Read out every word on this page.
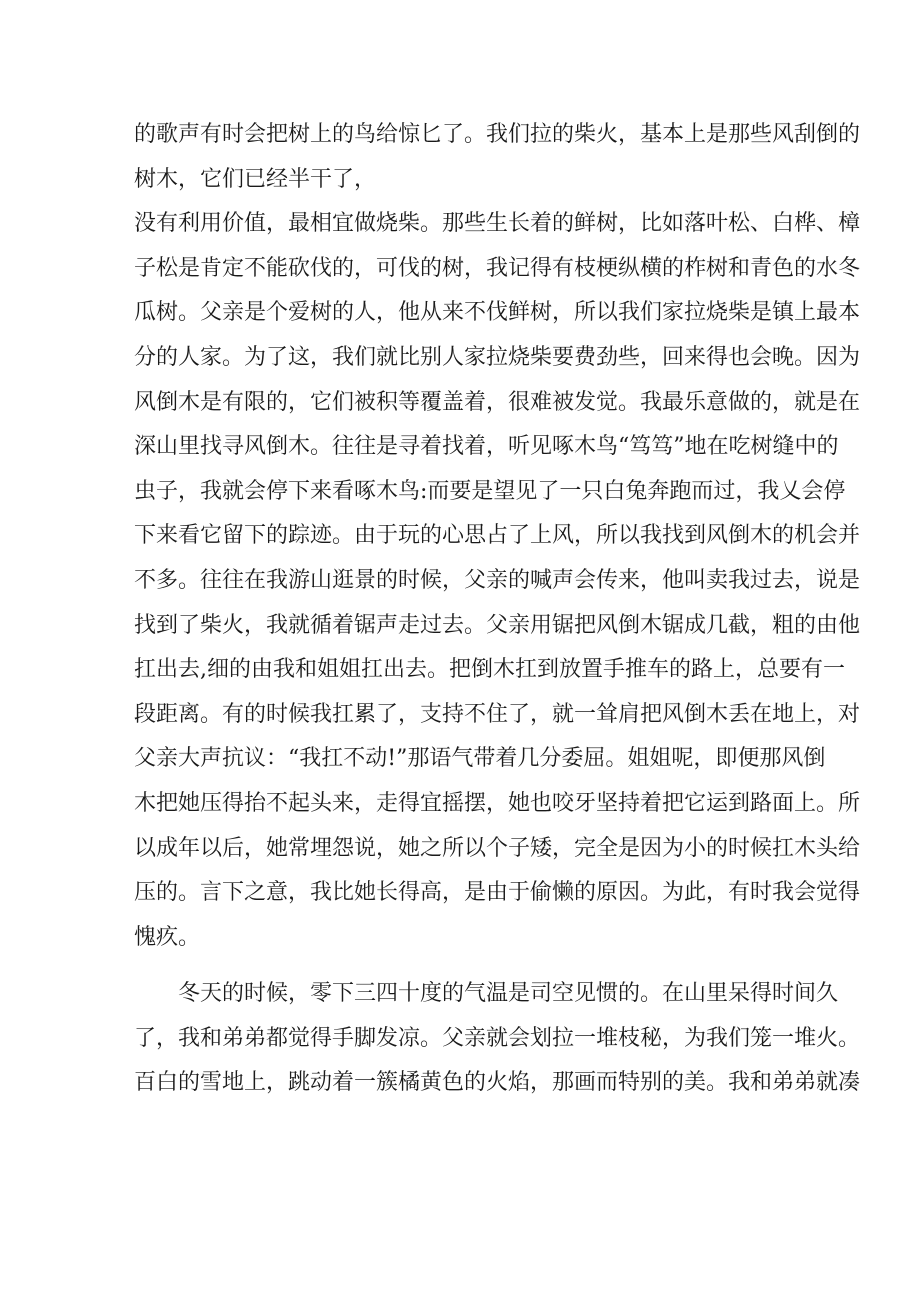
的歌声有时会把树上的鸟给惊匕了。我们拉的柴火，基本上是那些风刮倒的
树木，它们已经半干了，
没有利用价值，最相宜做烧柴。那些生长着的鲜树，比如落叶松、白桦、樟
子松是肯定不能砍伐的，可伐的树，我记得有枝梗纵横的柞树和青色的水冬
瓜树。父亲是个爱树的人，他从来不伐鲜树，所以我们家拉烧柴是镇上最本
分的人家。为了这，我们就比别人家拉烧柴要费劲些，回来得也会晚。因为
风倒木是有限的，它们被积等覆盖着，很难被发觉。我最乐意做的，就是在
深山里找寻风倒木。往往是寻着找着，听见啄木鸟“笃笃”地在吃树缝中的
虫子，我就会停下来看啄木鸟:而要是望见了一只白兔奔跑而过，我乂会停
下来看它留下的踪迹。由于玩的心思占了上风，所以我找到风倒木的机会并
不多。往往在我游山逛景的时候，父亲的喊声会传来，他叫卖我过去，说是
找到了柴火，我就循着锯声走过去。父亲用锯把风倒木锯成几截，粗的由他
扛出去,细的由我和姐姐扛出去。把倒木扛到放置手推车的路上，总要有一
段距离。有的时候我扛累了，支持不住了，就一耸肩把风倒木丢在地上，对
父亲大声抗议：“我扛不动!”那语气带着几分委屈。姐姐呢，即便那风倒
木把她压得抬不起头来，走得宜摇摆，她也咬牙坚持着把它运到路面上。所
以成年以后，她常埋怨说，她之所以个子矮，完全是因为小的时候扛木头给
压的。言下之意，我比她长得高，是由于偷懒的原因。为此，有时我会觉得
愧疚。
冬天的时候，零下三四十度的气温是司空见惯的。在山里呆得时间久
了，我和弟弟都觉得手脚发凉。父亲就会划拉一堆枝秘，为我们笼一堆火。
百白的雪地上，跳动着一簇橘黄色的火焰，那画而特别的美。我和弟弟就凑
